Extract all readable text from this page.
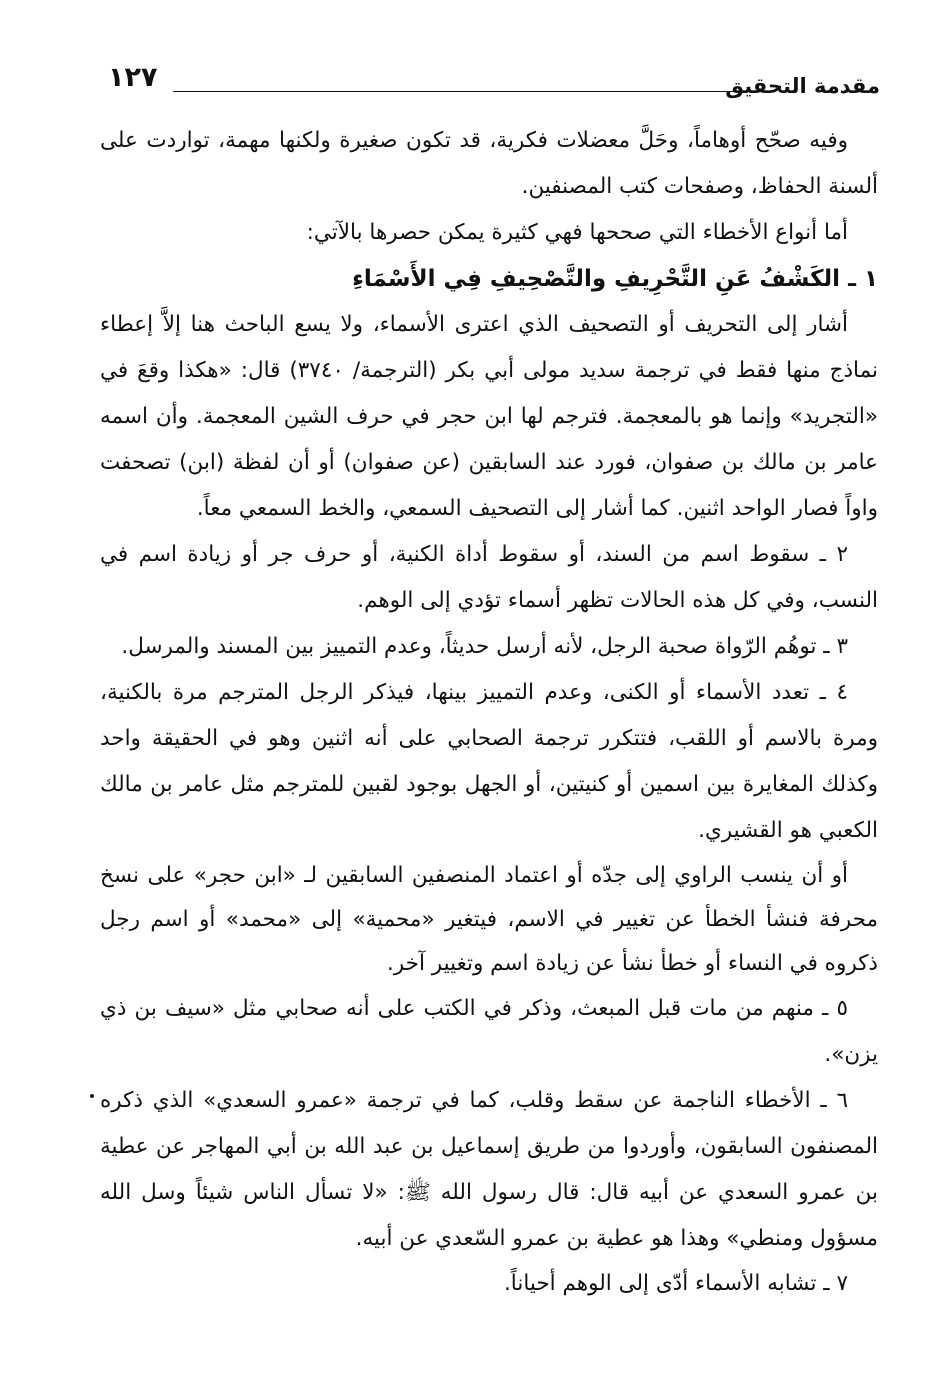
مقدمة التحقيق
١٢٧

وفيه صحّح أوهاماً، وحَلَّ معضلات فكرية، قد تكون صغيرة ولكنها مهمة، تواردت على ألسنة الحفاظ، وصفحات كتب المصنفين.

أما أنواع الأخطاء التي صححها فهي كثيرة يمكن حصرها بالآتي:

١ ـ الكَشْفُ عَنِ التَّحْرِيفِ والتَّصْحِيفِ فِي الأَسْمَاءِ

أشار إلى التحريف أو التصحيف الذي اعترى الأسماء، ولا يسع الباحث هنا إلاَّ إعطاء نماذج منها فقط في ترجمة سديد مولى أبي بكر (الترجمة/ ٣٧٤٠) قال: «هكذا وقعَ في «التجريد» وإنما هو بالمعجمة. فترجم لها ابن حجر في حرف الشين المعجمة. وأن اسمه عامر بن مالك بن صفوان، فورد عند السابقين (عن صفوان) أو أن لفظة (ابن) تصحفت واواً فصار الواحد اثنين. كما أشار إلى التصحيف السمعي، والخط السمعي معاً.

٢ ـ سقوط اسم من السند، أو سقوط أداة الكنية، أو حرف جر أو زيادة اسم في النسب، وفي كل هذه الحالات تظهر أسماء تؤدي إلى الوهم.

٣ ـ توهُم الرّواة صحبة الرجل، لأنه أرسل حديثاً، وعدم التمييز بين المسند والمرسل.

٤ ـ تعدد الأسماء أو الكنى، وعدم التمييز بينها، فيذكر الرجل المترجم مرة بالكنية، ومرة بالاسم أو اللقب، فتتكرر ترجمة الصحابي على أنه اثنين وهو في الحقيقة واحد وكذلك المغايرة بين اسمين أو كنيتين، أو الجهل بوجود لقبين للمترجم مثل عامر بن مالك الكعبي هو القشيري.

أو أن ينسب الراوي إلى جدّه أو اعتماد المنصفين السابقين لـ «ابن حجر» على نسخ محرفة فنشأ الخطأ عن تغيير في الاسم، فيتغير «محمية» إلى «محمد» أو اسم رجل ذكروه في النساء أو خطأ نشأ عن زيادة اسم وتغيير آخر.

٥ ـ منهم من مات قبل المبعث، وذكر في الكتب على أنه صحابي مثل «سيف بن ذي يزن».

٦ ـ الأخطاء الناجمة عن سقط وقلب، كما في ترجمة «عمرو السعدي» الذي ذكره المصنفون السابقون، وأوردوا من طريق إسماعيل بن عبد الله بن أبي المهاجر عن عطية بن عمرو السعدي عن أبيه قال: قال رسول الله ﷺ: «لا تسأل الناس شيئاً وسل الله مسؤول ومنطي» وهذا هو عطية بن عمرو السّعدي عن أبيه.

٧ ـ تشابه الأسماء أدّى إلى الوهم أحياناً.
